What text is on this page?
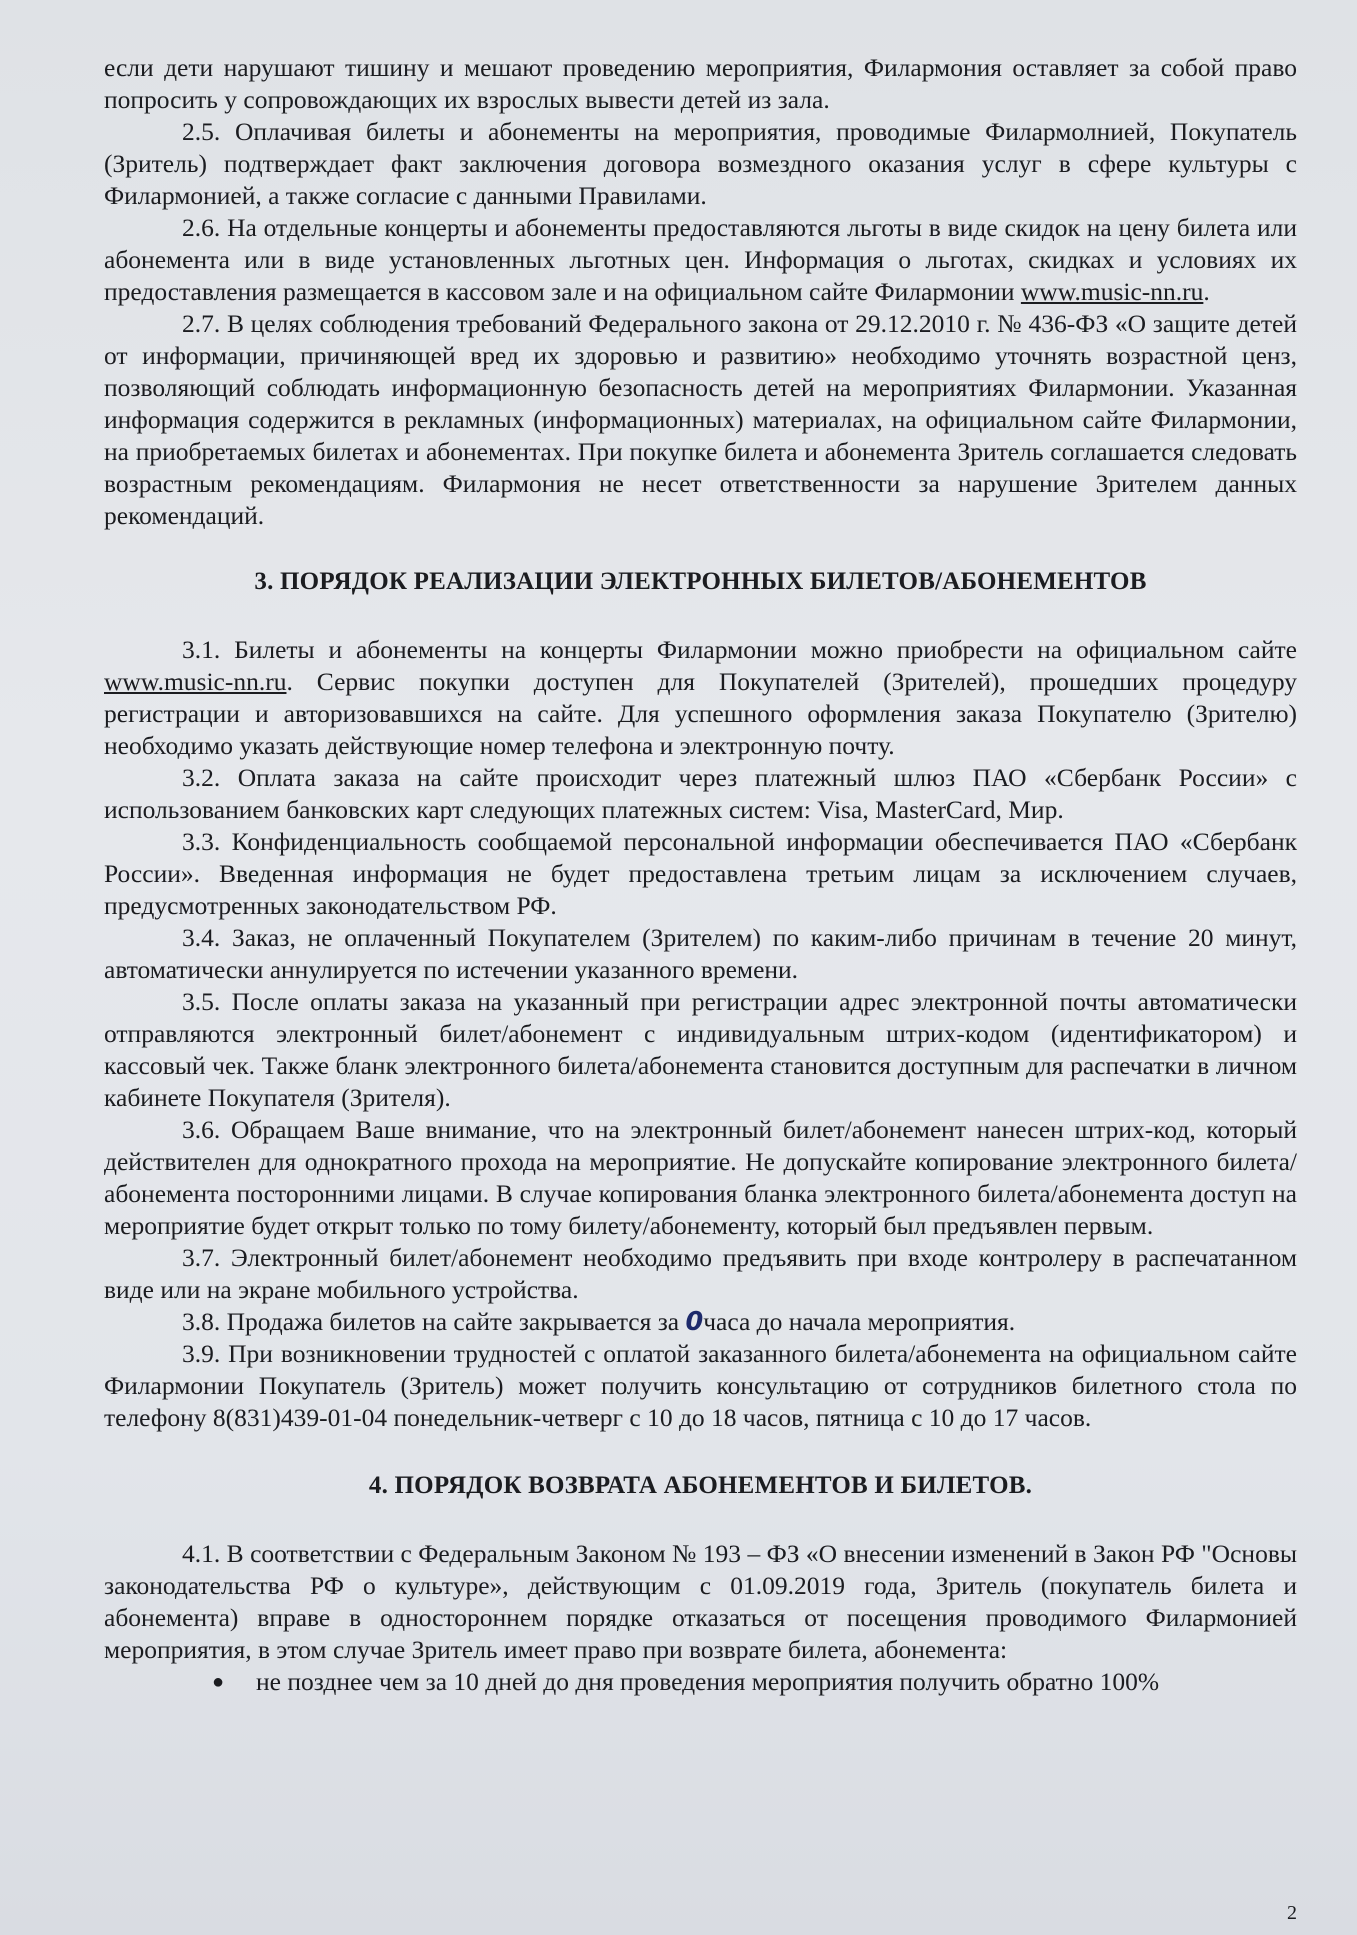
если дети нарушают тишину и мешают проведению мероприятия, Филармония оставляет за собой право попросить у сопровождающих их взрослых вывести детей из зала.

2.5. Оплачивая билеты и абонементы на мероприятия, проводимые Филармолнией, Покупатель (Зритель) подтверждает факт заключения договора возмездного оказания услуг в сфере культуры с Филармонией, а также согласие с данными Правилами.

2.6. На отдельные концерты и абонементы предоставляются льготы в виде скидок на цену билета или абонемента или в виде установленных льготных цен. Информация о льготах, скидках и условиях их предоставления размещается в кассовом зале и на официальном сайте Филармонии www.music-nn.ru.

2.7. В целях соблюдения требований Федерального закона от 29.12.2010 г. № 436-ФЗ «О защите детей от информации, причиняющей вред их здоровью и развитию» необходимо уточнять возрастной ценз, позволяющий соблюдать информационную безопасность детей на мероприятиях Филармонии. Указанная информация содержится в рекламных (информационных) материалах, на официальном сайте Филармонии, на приобретаемых билетах и абонементах. При покупке билета и абонемента Зритель соглашается следовать возрастным рекомендациям. Филармония не несет ответственности за нарушение Зрителем данных рекомендаций.

3. ПОРЯДОК РЕАЛИЗАЦИИ ЭЛЕКТРОННЫХ БИЛЕТОВ/АБОНЕМЕНТОВ

3.1. Билеты и абонементы на концерты Филармонии можно приобрести на официальном сайте www.music-nn.ru. Сервис покупки доступен для Покупателей (Зрителей), прошедших процедуру регистрации и авторизовавшихся на сайте. Для успешного оформления заказа Покупателю (Зрителю) необходимо указать действующие номер телефона и электронную почту.

3.2. Оплата заказа на сайте происходит через платежный шлюз ПАО «Сбербанк России» с использованием банковских карт следующих платежных систем: Visa, MasterCard, Мир.

3.3. Конфиденциальность сообщаемой персональной информации обеспечивается ПАО «Сбербанк России». Введенная информация не будет предоставлена третьим лицам за исключением случаев, предусмотренных законодательством РФ.

3.4. Заказ, не оплаченный Покупателем (Зрителем) по каким-либо причинам в течение 20 минут, автоматически аннулируется по истечении указанного времени.

3.5. После оплаты заказа на указанный при регистрации адрес электронной почты автоматически отправляются электронный билет/абонемент с индивидуальным штрих-кодом (идентификатором) и кассовый чек. Также бланк электронного билета/абонемента становится доступным для распечатки в личном кабинете Покупателя (Зрителя).

3.6. Обращаем Ваше внимание, что на электронный билет/абонемент нанесен штрих-код, который действителен для однократного прохода на мероприятие. Не допускайте копирование электронного билета/абонемента посторонними лицами. В случае копирования бланка электронного билета/абонемента доступ на мероприятие будет открыт только по тому билету/абонементу, который был предъявлен первым.

3.7. Электронный билет/абонемент необходимо предъявить при входе контролеру в распечатанном виде или на экране мобильного устройства.

3.8. Продажа билетов на сайте закрывается за 0часа до начала мероприятия.

3.9. При возникновении трудностей с оплатой заказанного билета/абонемента на официальном сайте Филармонии Покупатель (Зритель) может получить консультацию от сотрудников билетного стола по телефону 8(831)439-01-04 понедельник-четверг с 10 до 18 часов, пятница с 10 до 17 часов.

4. ПОРЯДОК ВОЗВРАТА АБОНЕМЕНТОВ И БИЛЕТОВ.

4.1. В соответствии с Федеральным Законом № 193 – ФЗ «О внесении изменений в Закон РФ "Основы законодательства РФ о культуре», действующим с 01.09.2019 года, Зритель (покупатель билета и абонемента) вправе в одностороннем порядке отказаться от посещения проводимого Филармонией мероприятия, в этом случае Зритель имеет право при возврате билета, абонемента:

● не позднее чем за 10 дней до дня проведения мероприятия получить обратно 100%
2
